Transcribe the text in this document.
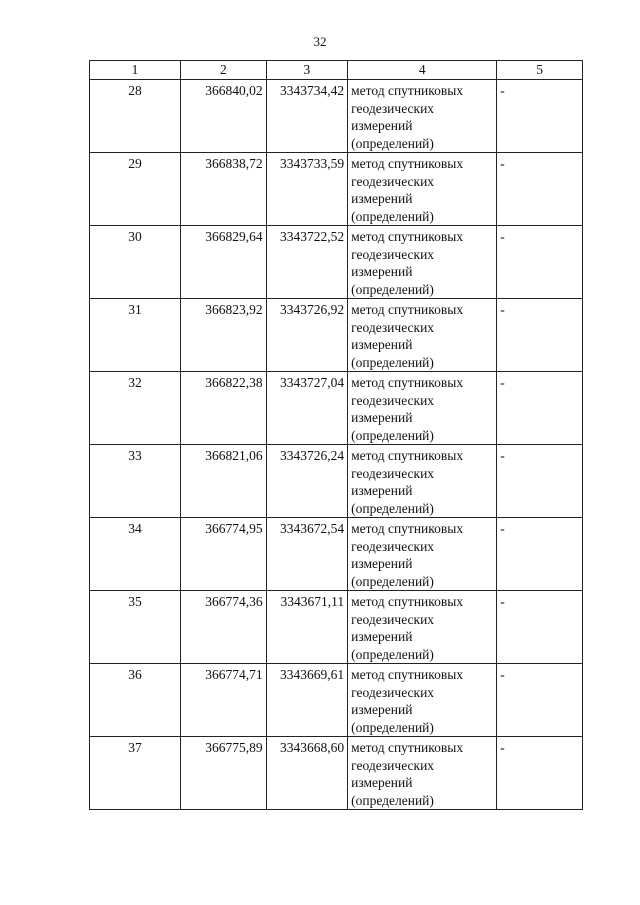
32
1	2	3	4	5
28	366840,02	3343734,42	метод спутниковых
геодезических
измерений
(определений)	-
29	366838,72	3343733,59	метод спутниковых
геодезических
измерений
(определений)	-
30	366829,64	3343722,52	метод спутниковых
геодезических
измерений
(определений)	-
31	366823,92	3343726,92	метод спутниковых
геодезических
измерений
(определений)	-
32	366822,38	3343727,04	метод спутниковых
геодезических
измерений
(определений)	-
33	366821,06	3343726,24	метод спутниковых
геодезических
измерений
(определений)	-
34	366774,95	3343672,54	метод спутниковых
геодезических
измерений
(определений)	-
35	366774,36	3343671,11	метод спутниковых
геодезических
измерений
(определений)	-
36	366774,71	3343669,61	метод спутниковых
геодезических
измерений
(определений)	-
37	366775,89	3343668,60	метод спутниковых
геодезических
измерений
(определений)	-
